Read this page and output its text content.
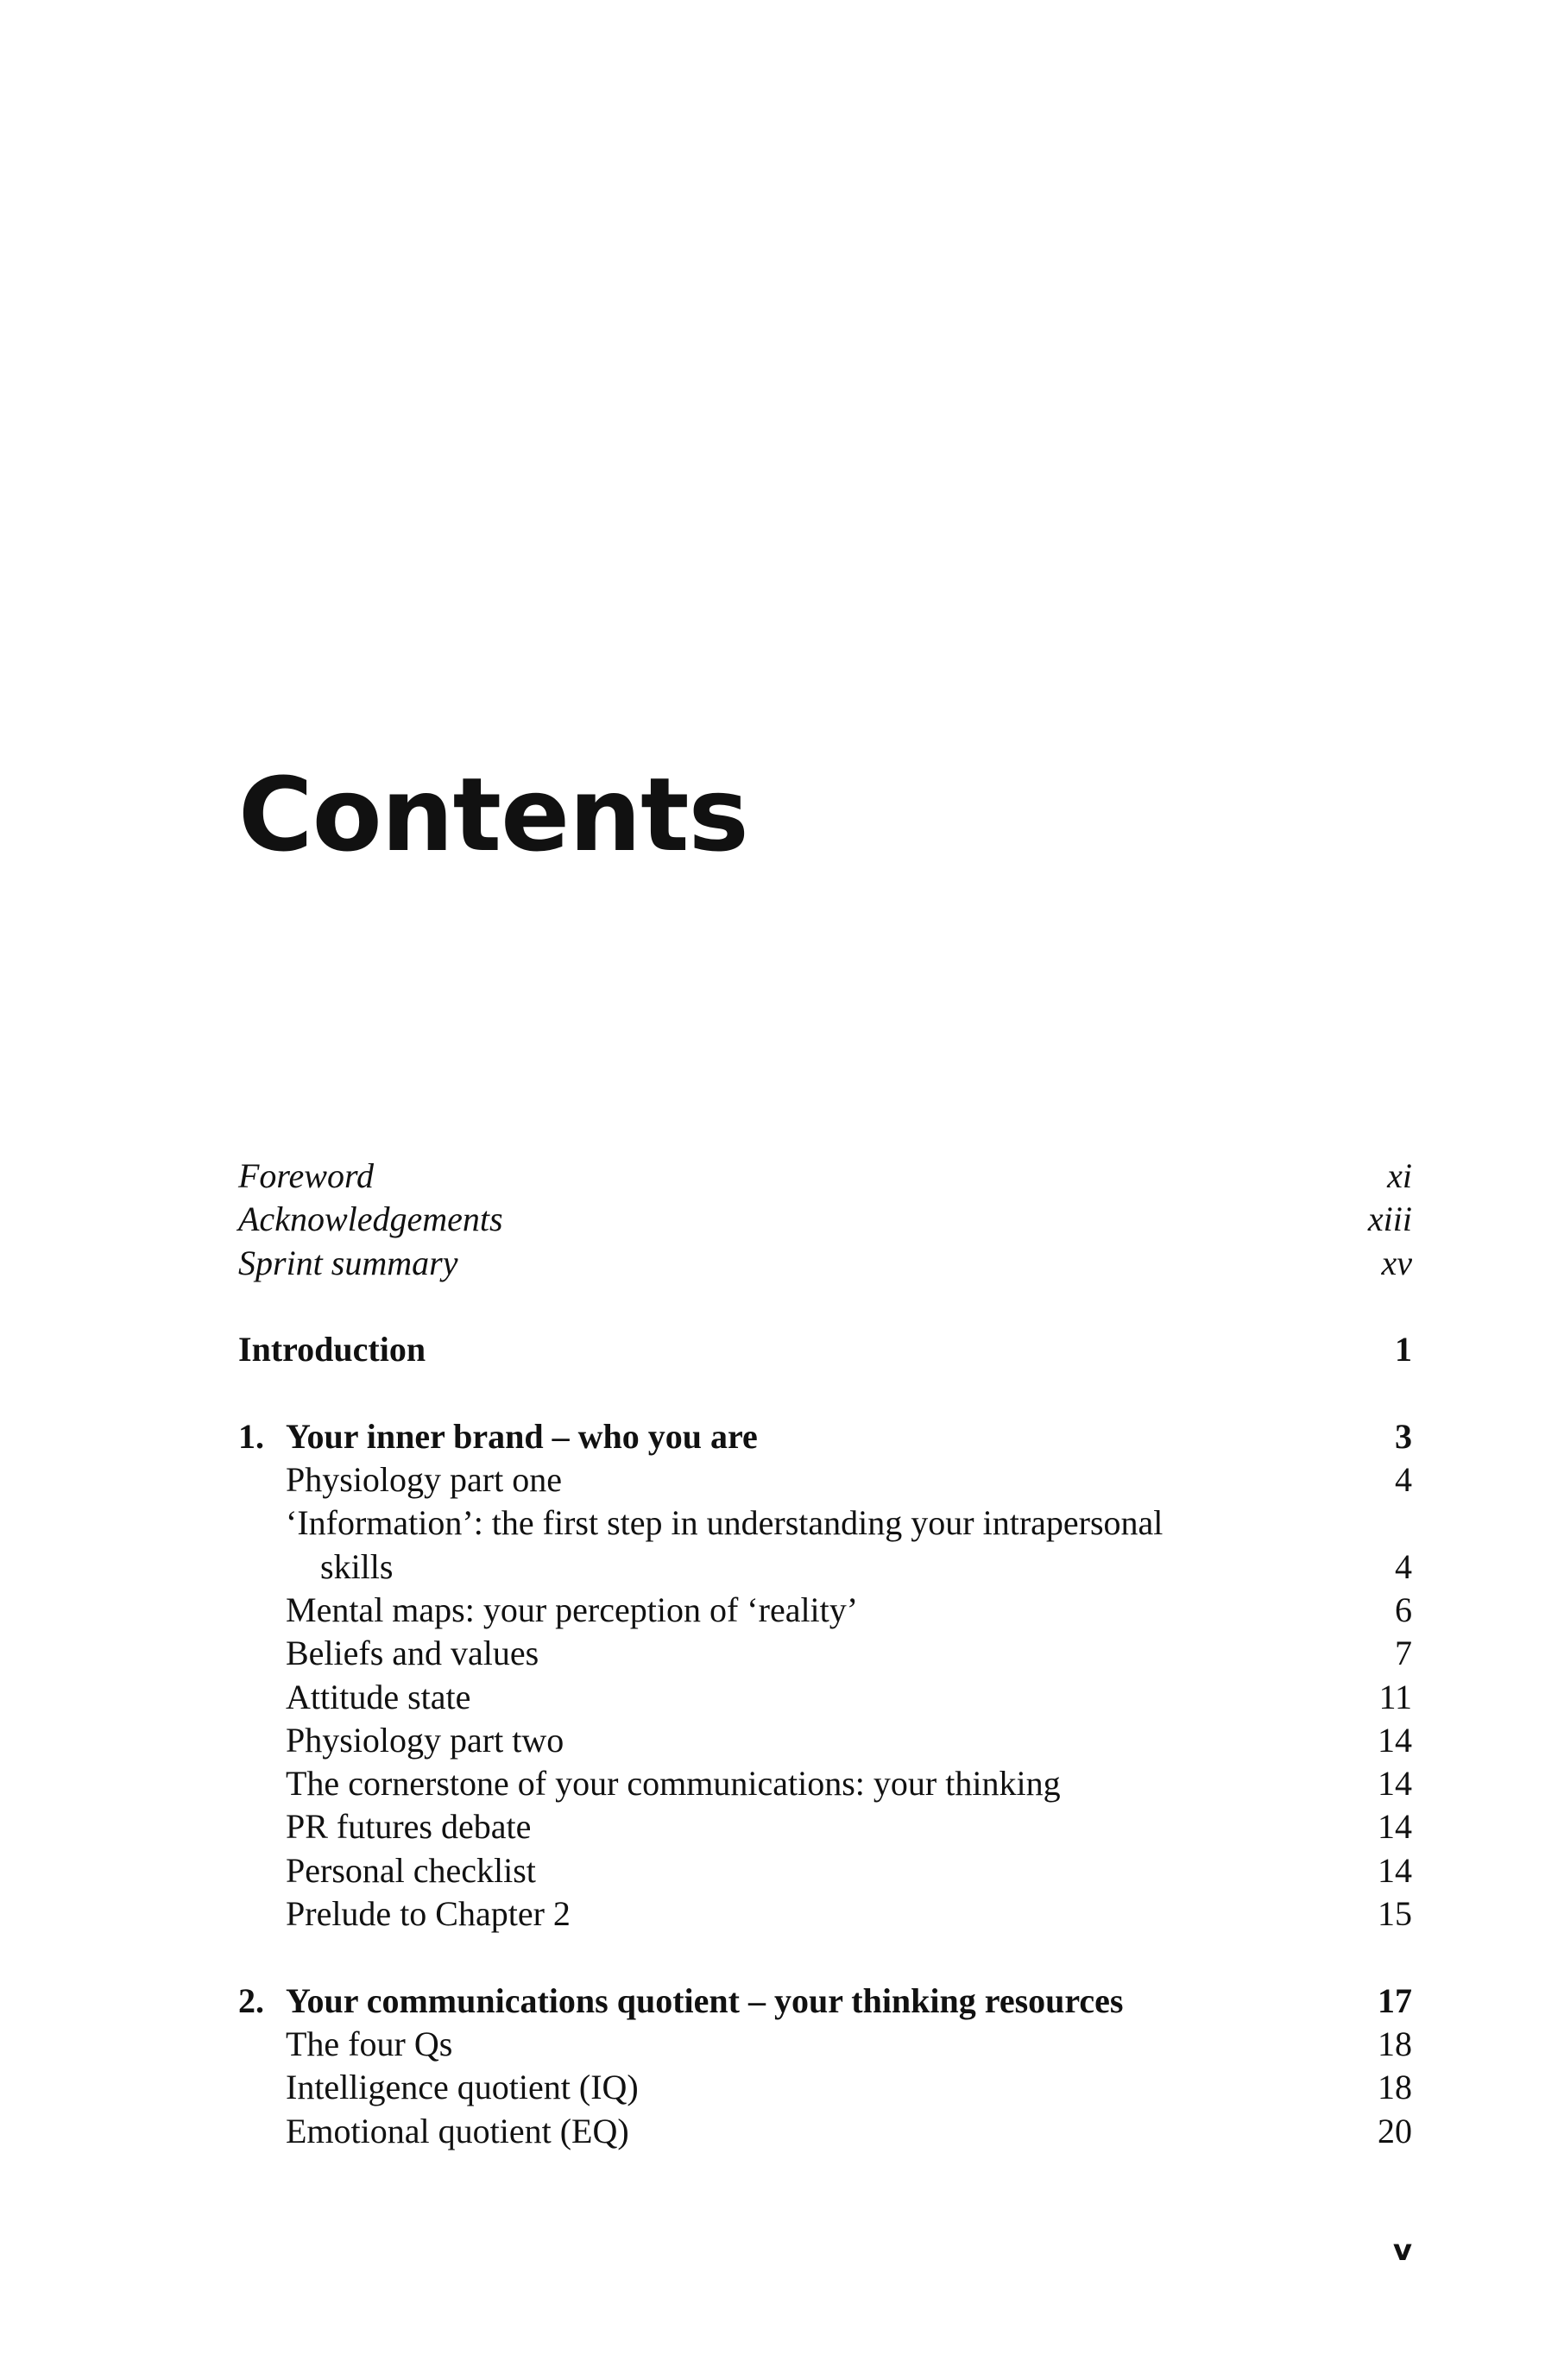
Contents
Foreword	xi
Acknowledgements	xiii
Sprint summary	xv
Introduction	1
1. Your inner brand – who you are	3
Physiology part one	4
‘Information’: the first step in understanding your intrapersonal
skills	4
Mental maps: your perception of ‘reality’	6
Beliefs and values	7
Attitude state	11
Physiology part two	14
The cornerstone of your communications: your thinking	14
PR futures debate	14
Personal checklist	14
Prelude to Chapter 2	15
2. Your communications quotient – your thinking resources	17
The four Qs	18
Intelligence quotient (IQ)	18
Emotional quotient (EQ)	20
v
